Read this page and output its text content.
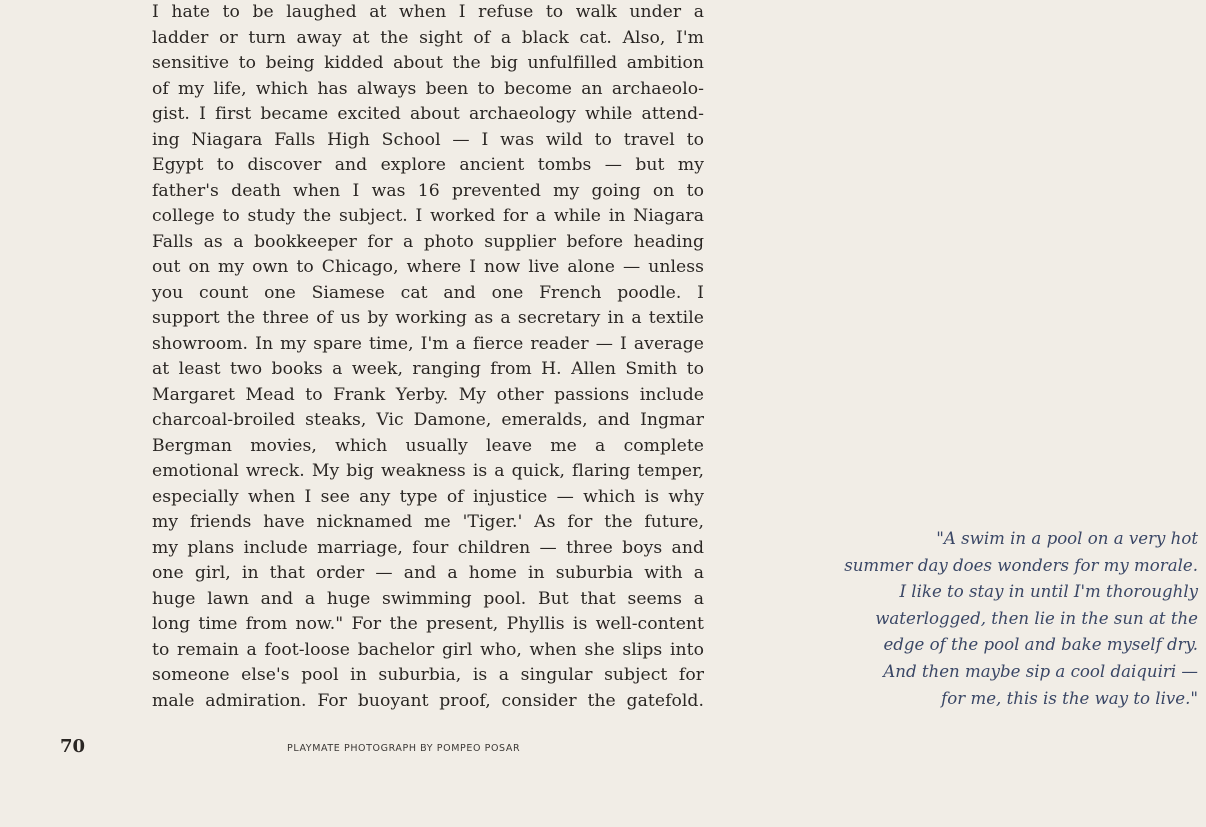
I hate to be laughed at when I refuse to walk under a
ladder or turn away at the sight of a black cat. Also, I'm
sensitive to being kidded about the big unfulfilled ambition
of my life, which has always been to become an archaeolo-
gist. I first became excited about archaeology while attend-
ing Niagara Falls High School — I was wild to travel to
Egypt to discover and explore ancient tombs — but my
father's death when I was 16 prevented my going on to
college to study the subject. I worked for a while in Niagara
Falls as a bookkeeper for a photo supplier before heading
out on my own to Chicago, where I now live alone — unless
you count one Siamese cat and one French poodle. I
support the three of us by working as a secretary in a textile
showroom. In my spare time, I'm a fierce reader — I average
at least two books a week, ranging from H. Allen Smith to
Margaret Mead to Frank Yerby. My other passions include
charcoal-broiled steaks, Vic Damone, emeralds, and Ingmar
Bergman movies, which usually leave me a complete
emotional wreck. My big weakness is a quick, flaring temper,
especially when I see any type of injustice — which is why
my friends have nicknamed me 'Tiger.' As for the future,
my plans include marriage, four children — three boys and
one girl, in that order — and a home in suburbia with a
huge lawn and a huge swimming pool. But that seems a
long time from now." For the present, Phyllis is well-content
to remain a foot-loose bachelor girl who, when she slips into
someone else's pool in suburbia, is a singular subject for
male admiration. For buoyant proof, consider the gatefold.
"A swim in a pool on a very hot
summer day does wonders for my morale.
I like to stay in until I'm thoroughly
waterlogged, then lie in the sun at the
edge of the pool and bake myself dry.
And then maybe sip a cool daiquiri —
for me, this is the way to live."
70	PLAYMATE PHOTOGRAPH BY POMPEO POSAR
